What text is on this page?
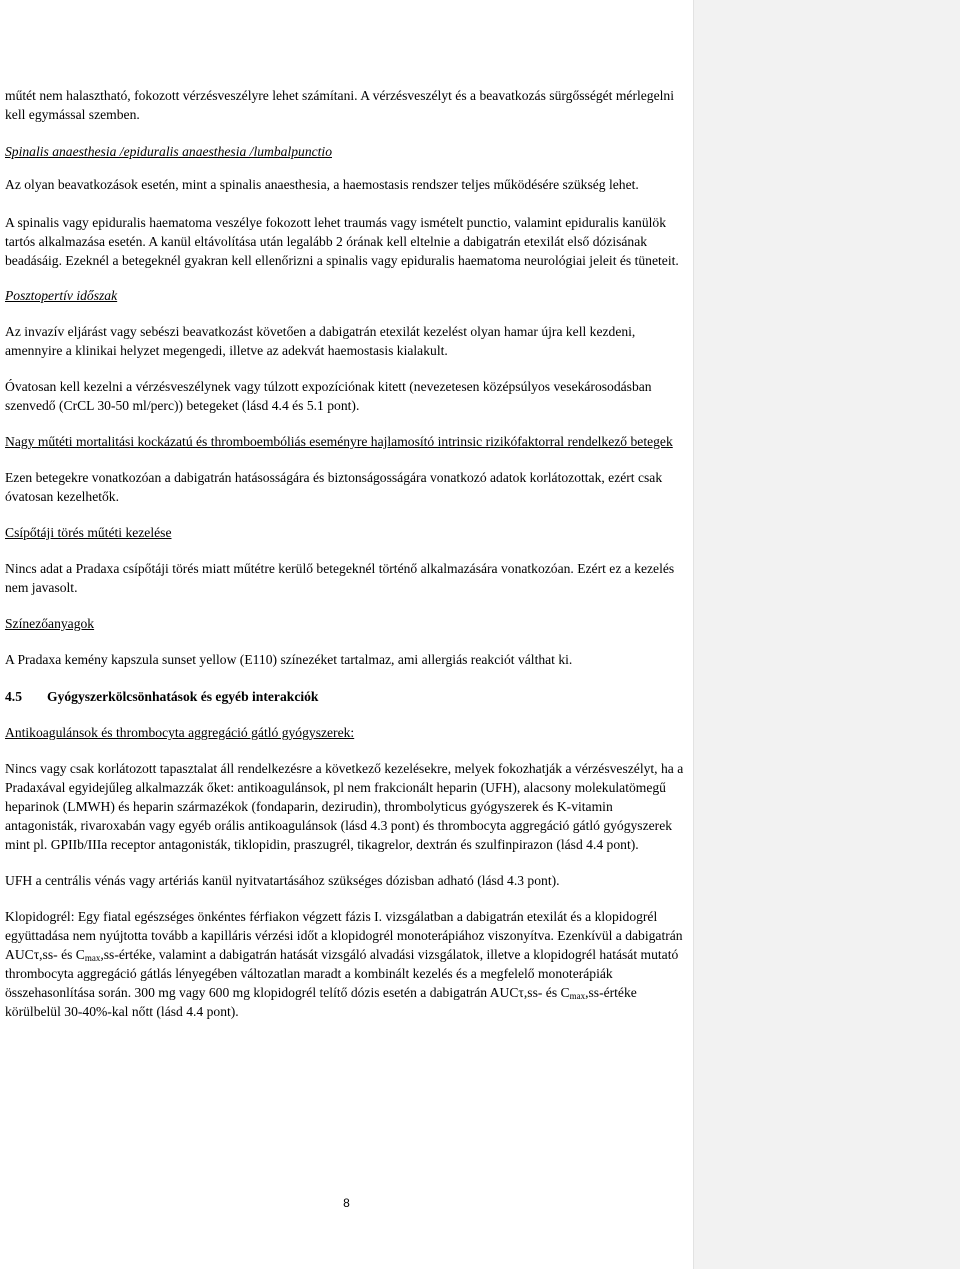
műtét nem halasztható, fokozott vérzésveszélyre lehet számítani. A vérzésveszélyt és a beavatkozás sürgősségét mérlegelni kell egymással szemben.

Spinalis anaesthesia /epiduralis anaesthesia /lumbalpunctio

Az olyan beavatkozások esetén, mint a spinalis anaesthesia, a haemostasis rendszer teljes működésére szükség lehet.

A spinalis vagy epiduralis haematoma veszélye fokozott lehet traumás vagy ismételt punctio, valamint epiduralis kanülök tartós alkalmazása esetén. A kanül eltávolítása után legalább 2 órának kell eltelnie a dabigatrán etexilát első dózisának beadásáig. Ezeknél a betegeknél gyakran kell ellenőrizni a spinalis vagy epiduralis haematoma neurológiai jeleit és tüneteit.

Posztopertív időszak

Az invazív eljárást vagy sebészi beavatkozást követően a dabigatrán etexilát kezelést olyan hamar újra kell kezdeni, amennyire a klinikai helyzet megengedi, illetve az adekvát haemostasis kialakult.

Óvatosan kell kezelni a vérzésveszélynek vagy túlzott expozíciónak kitett (nevezetesen középsúlyos vesekárosodásban szenvedő (CrCL 30-50 ml/perc)) betegeket (lásd 4.4 és 5.1 pont).

Nagy műtéti mortalitási kockázatú és thromboembóliás eseményre hajlamosító intrinsic rizikófaktorral rendelkező betegek

Ezen betegekre vonatkozóan a dabigatrán hatásosságára és biztonságosságára vonatkozó adatok korlátozottak, ezért csak óvatosan kezelhetők.

Csípőtáji törés műtéti kezelése

Nincs adat a Pradaxa csípőtáji törés miatt műtétre kerülő betegeknél történő alkalmazására vonatkozóan. Ezért ez a kezelés nem javasolt.

Színezőanyagok

A Pradaxa kemény kapszula sunset yellow (E110) színezéket tartalmaz, ami allergiás reakciót válthat ki.

4.5 Gyógyszerkölcsönhatások és egyéb interakciók

Antikoagulánsok és thrombocyta aggregáció gátló gyógyszerek:

Nincs vagy csak korlátozott tapasztalat áll rendelkezésre a következő kezelésekre, melyek fokozhatják a vérzésveszélyt, ha a Pradaxával egyidejűleg alkalmazzák őket: antikoagulánsok, pl nem frakcionált heparin (UFH), alacsony molekulatömegű heparinok (LMWH) és heparin származékok (fondaparin, dezirudin), thrombolyticus gyógyszerek és K-vitamin antagonisták, rivaroxabán vagy egyéb orális antikoagulánsok (lásd 4.3 pont) és thrombocyta aggregáció gátló gyógyszerek mint pl. GPIIb/IIIa receptor antagonisták, tiklopidin, praszugrél, tikagrelor, dextrán és szulfinpirazon (lásd 4.4 pont).

UFH a centrális vénás vagy artériás kanül nyitvatartásához szükséges dózisban adható (lásd 4.3 pont).

Klopidogrél: Egy fiatal egészséges önkéntes férfiakon végzett fázis I. vizsgálatban a dabigatrán etexilát és a klopidogrél együttadása nem nyújtotta tovább a kapilláris vérzési időt a klopidogrél monoterápiához viszonyítva. Ezenkívül a dabigatrán AUCτ,ss- és $C_{max},ss$-értéke, valamint a dabigatrán hatását vizsgáló alvadási vizsgálatok, illetve a klopidogrél hatását mutató thrombocyta aggregáció gátlás lényegében változatlan maradt a kombinált kezelés és a megfelelő monoterápiák összehasonlítása során. 300 mg vagy 600 mg klopidogrél telítő dózis esetén a dabigatrán AUCτ,ss- és $C_{max},ss$-értéke körülbelül 30-40%-kal nőtt (lásd 4.4 pont).

8
